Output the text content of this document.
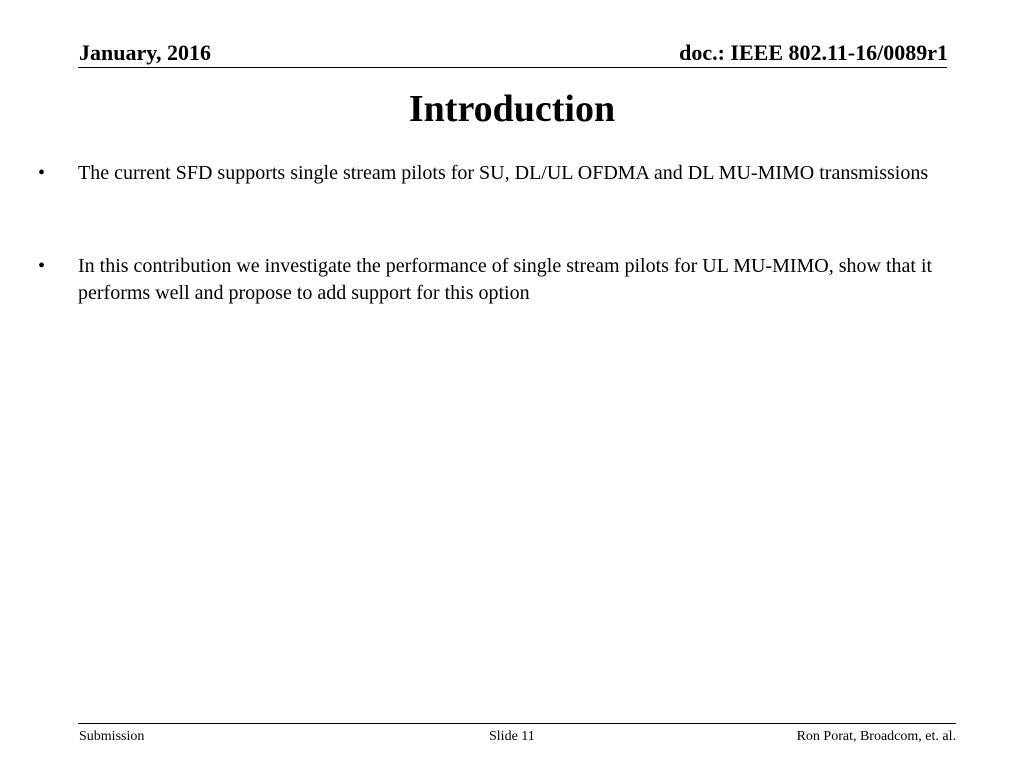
January, 2016	doc.: IEEE 802.11-16/0089r1
Introduction
• The current SFD supports single stream pilots for SU, DL/UL OFDMA and DL MU-MIMO transmissions
• In this contribution we investigate the performance of single stream pilots for UL MU-MIMO, show that it performs well and propose to add support for this option
Submission	Slide 11	Ron Porat, Broadcom, et. al.
